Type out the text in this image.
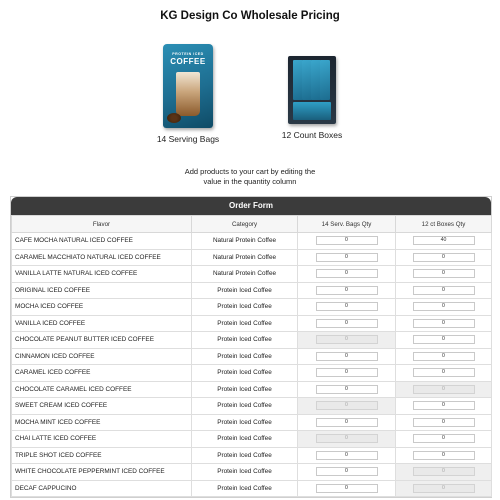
KG Design Co Wholesale Pricing
PROTEIN ICED
COFFEE
14 Serving Bags	12 Count Boxes
Add products to your cart by editing the
value in the quantity column
Order Form
Flavor	Category	14 Serv. Bags Qty	12 ct Boxes Qty
CAFE MOCHA NATURAL ICED COFFEE	Natural Protein Coffee	0	40
CARAMEL MACCHIATO NATURAL ICED COFFEE	Natural Protein Coffee	0	0
VANILLA LATTE NATURAL ICED COFFEE	Natural Protein Coffee	0	0
ORIGINAL ICED COFFEE	Protein Iced Coffee	0	0
MOCHA ICED COFFEE	Protein Iced Coffee	0	0
VANILLA ICED COFFEE	Protein Iced Coffee	0	0
CHOCOLATE PEANUT BUTTER ICED COFFEE	Protein Iced Coffee	0	0
CINNAMON ICED COFFEE	Protein Iced Coffee	0	0
CARAMEL ICED COFFEE	Protein Iced Coffee	0	0
CHOCOLATE CARAMEL ICED COFFEE	Protein Iced Coffee	0	0
SWEET CREAM ICED COFFEE	Protein Iced Coffee	0	0
MOCHA MINT ICED COFFEE	Protein Iced Coffee	0	0
CHAI LATTE ICED COFFEE	Protein Iced Coffee	0	0
TRIPLE SHOT ICED COFFEE	Protein Iced Coffee	0	0
WHITE CHOCOLATE PEPPERMINT ICED COFFEE	Protein Iced Coffee	0	0
DECAF CAPPUCINO	Protein Iced Coffee	0	0
